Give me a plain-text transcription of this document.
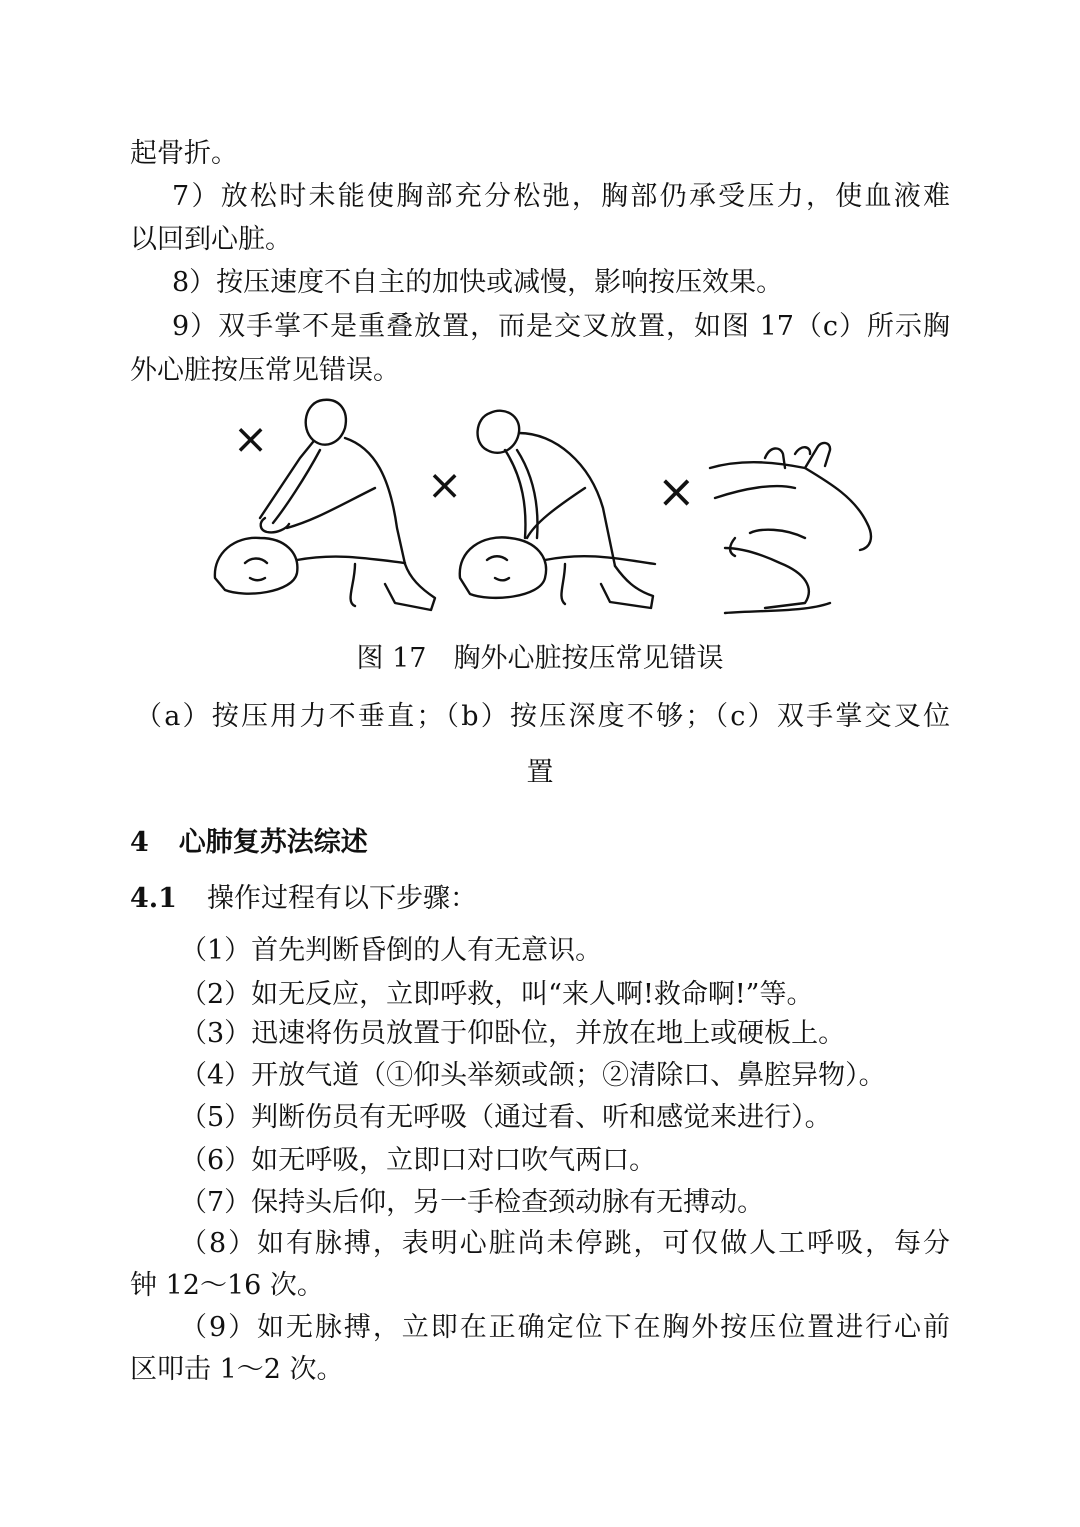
起骨折。
7）放松时未能使胸部充分松弛，胸部仍承受压力，使血液难
以回到心脏。
8）按压速度不自主的加快或减慢，影响按压效果。
9）双手掌不是重叠放置，而是交叉放置，如图 17（c）所示胸
外心脏按压常见错误。
×
×	×
图 17　胸外心脏按压常见错误
（a）按压用力不垂直；（b）按压深度不够；（c）双手掌交叉位
置
4 心肺复苏法综述
4.1 操作过程有以下步骤：
（1）首先判断昏倒的人有无意识。
（2）如无反应，立即呼救，叫“来人啊!救命啊!”等。
（3）迅速将伤员放置于仰卧位，并放在地上或硬板上。
（4）开放气道（①仰头举颏或颌；②清除口、鼻腔异物）。
（5）判断伤员有无呼吸（通过看、听和感觉来进行）。
（6）如无呼吸，立即口对口吹气两口。
（7）保持头后仰，另一手检查颈动脉有无搏动。
（8）如有脉搏，表明心脏尚未停跳，可仅做人工呼吸，每分
钟 12～16 次。
（9）如无脉搏，立即在正确定位下在胸外按压位置进行心前
区叩击 1～2 次。
